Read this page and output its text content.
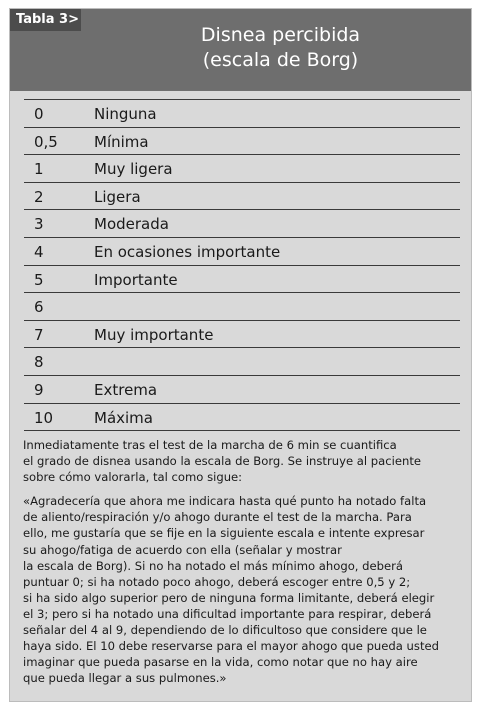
Tabla 3>
Disnea percibida
(escala de Borg)
0	Ninguna
0,5 Mínima
1	Muy ligera
2	Ligera
3	Moderada
4	En ocasiones importante
5	Importante
6
7	Muy importante
8
9	Extrema
10	Máxima
Inmediatamente tras el test de la marcha de 6 min se cuantifica
el grado de disnea usando la escala de Borg. Se instruye al paciente
sobre cómo valorarla, tal como sigue:
«Agradecería que ahora me indicara hasta qué punto ha notado falta
de aliento/respiración y/o ahogo durante el test de la marcha. Para
ello, me gustaría que se fije en la siguiente escala e intente expresar
su ahogo/fatiga de acuerdo con ella (señalar y mostrar
la escala de Borg). Si no ha notado el más mínimo ahogo, deberá
puntuar 0; si ha notado poco ahogo, deberá escoger entre 0,5 y 2;
si ha sido algo superior pero de ninguna forma limitante, deberá elegir
el 3; pero si ha notado una dificultad importante para respirar, deberá
señalar del 4 al 9, dependiendo de lo dificultoso que considere que le
haya sido. El 10 debe reservarse para el mayor ahogo que pueda usted
imaginar que pueda pasarse en la vida, como notar que no hay aire
que pueda llegar a sus pulmones.»
